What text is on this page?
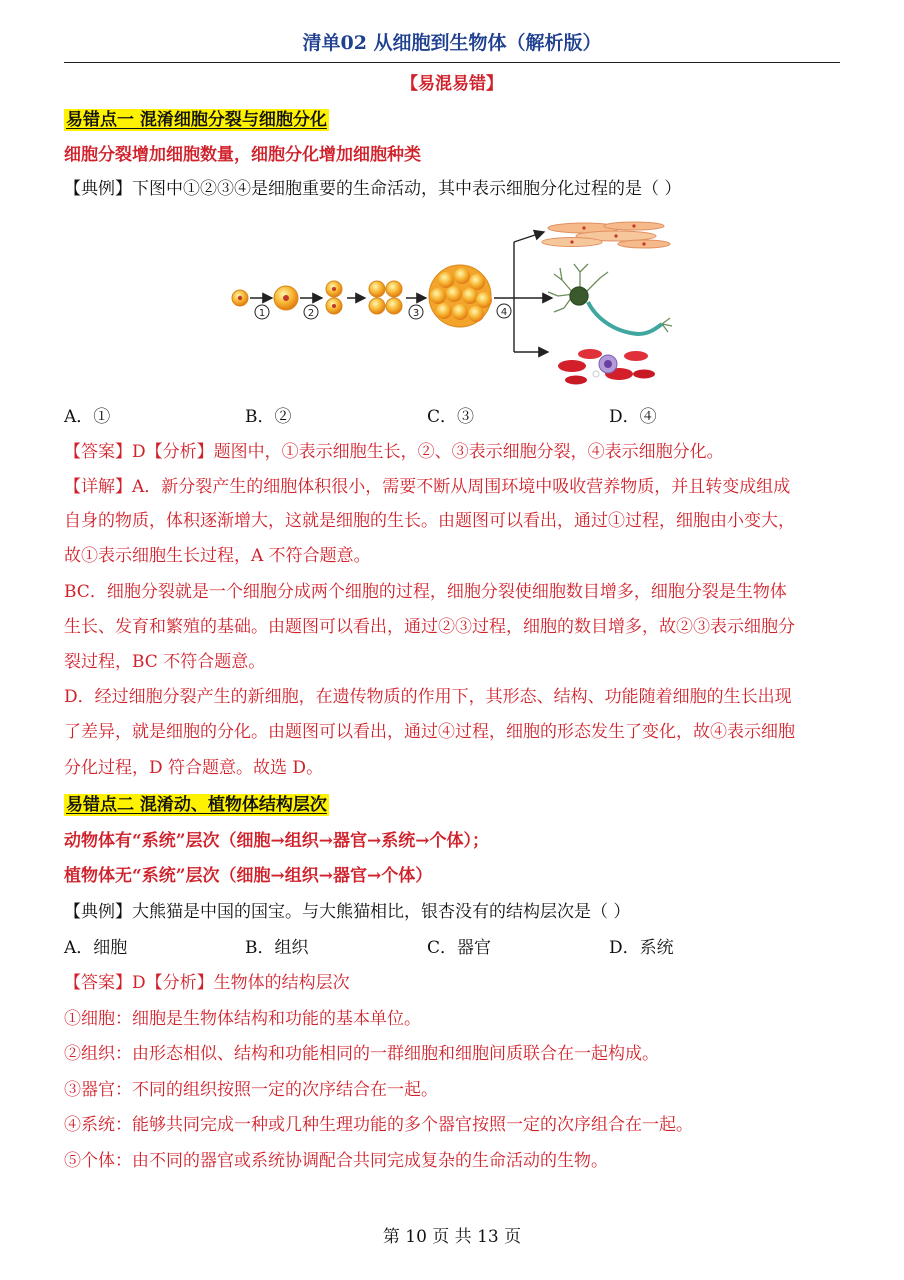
清单02 从细胞到生物体（解析版）
【易混易错】
易错点一 混淆细胞分裂与细胞分化
细胞分裂增加细胞数量，细胞分化增加细胞种类
【典例】下图中①②③④是细胞重要的生命活动，其中表示细胞分化过程的是（ ）
1	2	3	4
A．①	B．②	C．③	D．④
【答案】D【分析】题图中，①表示细胞生长，②、③表示细胞分裂，④表示细胞分化。
【详解】A．新分裂产生的细胞体积很小，需要不断从周围环境中吸收营养物质，并且转变成组成
自身的物质，体积逐渐增大，这就是细胞的生长。由题图可以看出，通过①过程，细胞由小变大，
故①表示细胞生长过程，A 不符合题意。
BC．细胞分裂就是一个细胞分成两个细胞的过程，细胞分裂使细胞数目增多，细胞分裂是生物体
生长、发育和繁殖的基础。由题图可以看出，通过②③过程，细胞的数目增多，故②③表示细胞分
裂过程，BC 不符合题意。
D．经过细胞分裂产生的新细胞，在遗传物质的作用下，其形态、结构、功能随着细胞的生长出现
了差异，就是细胞的分化。由题图可以看出，通过④过程，细胞的形态发生了变化，故④表示细胞
分化过程，D 符合题意。故选 D。
易错点二 混淆动、植物体结构层次
动物体有“系统”层次（细胞→组织→器官→系统→个体）；
植物体无“系统”层次（细胞→组织→器官→个体）
【典例】大熊猫是中国的国宝。与大熊猫相比，银杏没有的结构层次是（ ）
A．细胞	B．组织	C．器官	D．系统
【答案】D【分析】生物体的结构层次
①细胞：细胞是生物体结构和功能的基本单位。
②组织：由形态相似、结构和功能相同的一群细胞和细胞间质联合在一起构成。
③器官：不同的组织按照一定的次序结合在一起。
④系统：能够共同完成一种或几种生理功能的多个器官按照一定的次序组合在一起。
⑤个体：由不同的器官或系统协调配合共同完成复杂的生命活动的生物。
第 10 页 共 13 页
